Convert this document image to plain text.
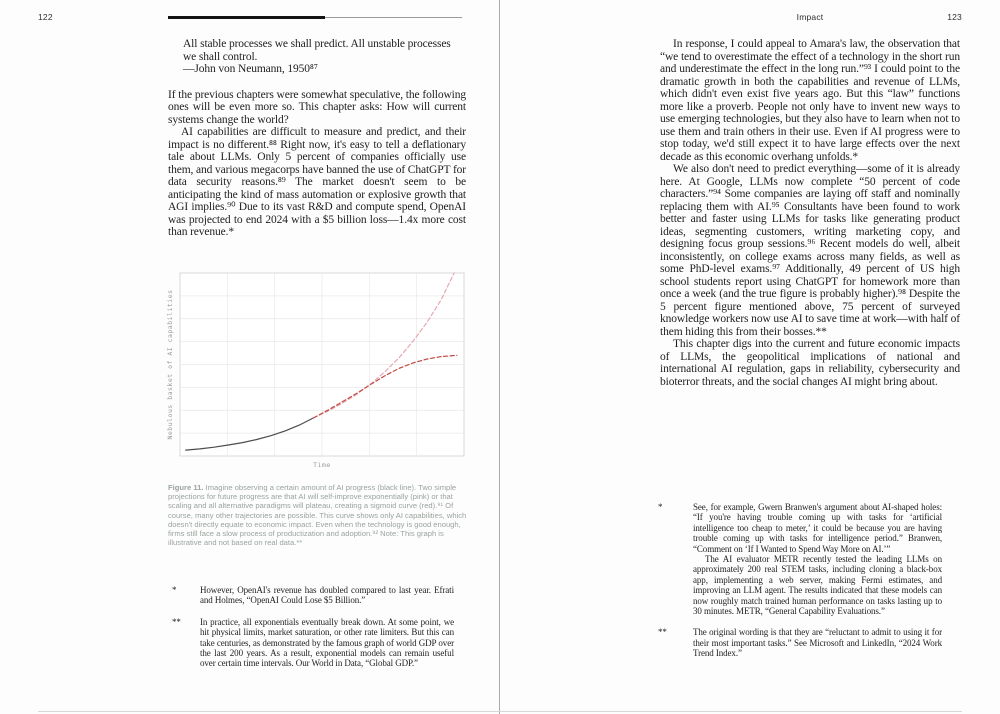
122

All stable processes we shall predict. All unstable processes we shall control.

—John von Neumann, 1950⁸⁷

If the previous chapters were somewhat speculative, the following ones will be even more so. This chapter asks: How will current systems change the world?

AI capabilities are difficult to measure and predict, and their impact is no different.⁸⁸ Right now, it's easy to tell a deflationary tale about LLMs. Only 5 percent of companies officially use them, and various megacorps have banned the use of ChatGPT for data security reasons.⁸⁹ The market doesn't seem to be anticipating the kind of mass automation or explosive growth that AGI implies.⁹⁰ Due to its vast R&D and compute spend, OpenAI was projected to end 2024 with a $5 billion loss—1.4x more cost than revenue.*

Nebulous basket of AI capabilities
Time
Figure 11. Imagine observing a certain amount of AI progress (black line). Two simple projections for future progress are that AI will self-improve exponentially (pink) or that scaling and all alternative paradigms will plateau, creating a sigmoid curve (red).⁹¹ Of course, many other trajectories are possible. This curve shows only AI capabilities, which doesn't directly equate to economic impact. Even when the technology is good enough, firms still face a slow process of productization and adoption.⁹² Note: This graph is illustrative and not based on real data.**
*	However, OpenAI's revenue has doubled compared to last year. Efrati and Holmes, “OpenAI Could Lose $5 Billion.”
**	In practice, all exponentials eventually break down. At some point, we hit physical limits, market saturation, or other rate limiters. But this can take centuries, as demonstrated by the famous graph of world GDP over the last 200 years. As a result, exponential models can remain useful over certain time intervals. Our World in Data, “Global GDP.”
Impact	123

In response, I could appeal to Amara's law, the observation that “we tend to overestimate the effect of a technology in the short run and underestimate the effect in the long run.”⁹³ I could point to the dramatic growth in both the capabilities and revenue of LLMs, which didn't even exist five years ago. But this “law” functions more like a proverb. People not only have to invent new ways to use emerging technologies, but they also have to learn when not to use them and train others in their use. Even if AI progress were to stop today, we'd still expect it to have large effects over the next decade as this economic overhang unfolds.*

We also don't need to predict everything—some of it is already here. At Google, LLMs now complete “50 percent of code characters.”⁹⁴ Some companies are laying off staff and nominally replacing them with AI.⁹⁵ Consultants have been found to work better and faster using LLMs for tasks like generating product ideas, segmenting customers, writing marketing copy, and designing focus group sessions.⁹⁶ Recent models do well, albeit inconsistently, on college exams across many fields, as well as some PhD-level exams.⁹⁷ Additionally, 49 percent of US high school students report using ChatGPT for homework more than once a week (and the true figure is probably higher).⁹⁸ Despite the 5 percent figure mentioned above, 75 percent of surveyed knowledge workers now use AI to save time at work—with half of them hiding this from their bosses.**

This chapter digs into the current and future economic impacts of LLMs, the geopolitical implications of national and international AI regulation, gaps in reliability, cybersecurity and bioterror threats, and the social changes AI might bring about.

*	See, for example, Gwern Branwen's argument about AI-shaped holes: “If you're having trouble coming up with tasks for ‘artificial intelligence too cheap to meter,’ it could be because you are having trouble coming up with tasks for intelligence period.” Branwen, “Comment on ‘If I Wanted to Spend Way More on AI.’”

The AI evaluator METR recently tested the leading LLMs on approximately 200 real STEM tasks, including cloning a black-box app, implementing a web server, making Fermi estimates, and improving an LLM agent. The results indicated that these models can now roughly match trained human performance on tasks lasting up to 30 minutes. METR, “General Capability Evaluations.”

**	The original wording is that they are “reluctant to admit to using it for their most important tasks.” See Microsoft and LinkedIn, “2024 Work Trend Index.”
